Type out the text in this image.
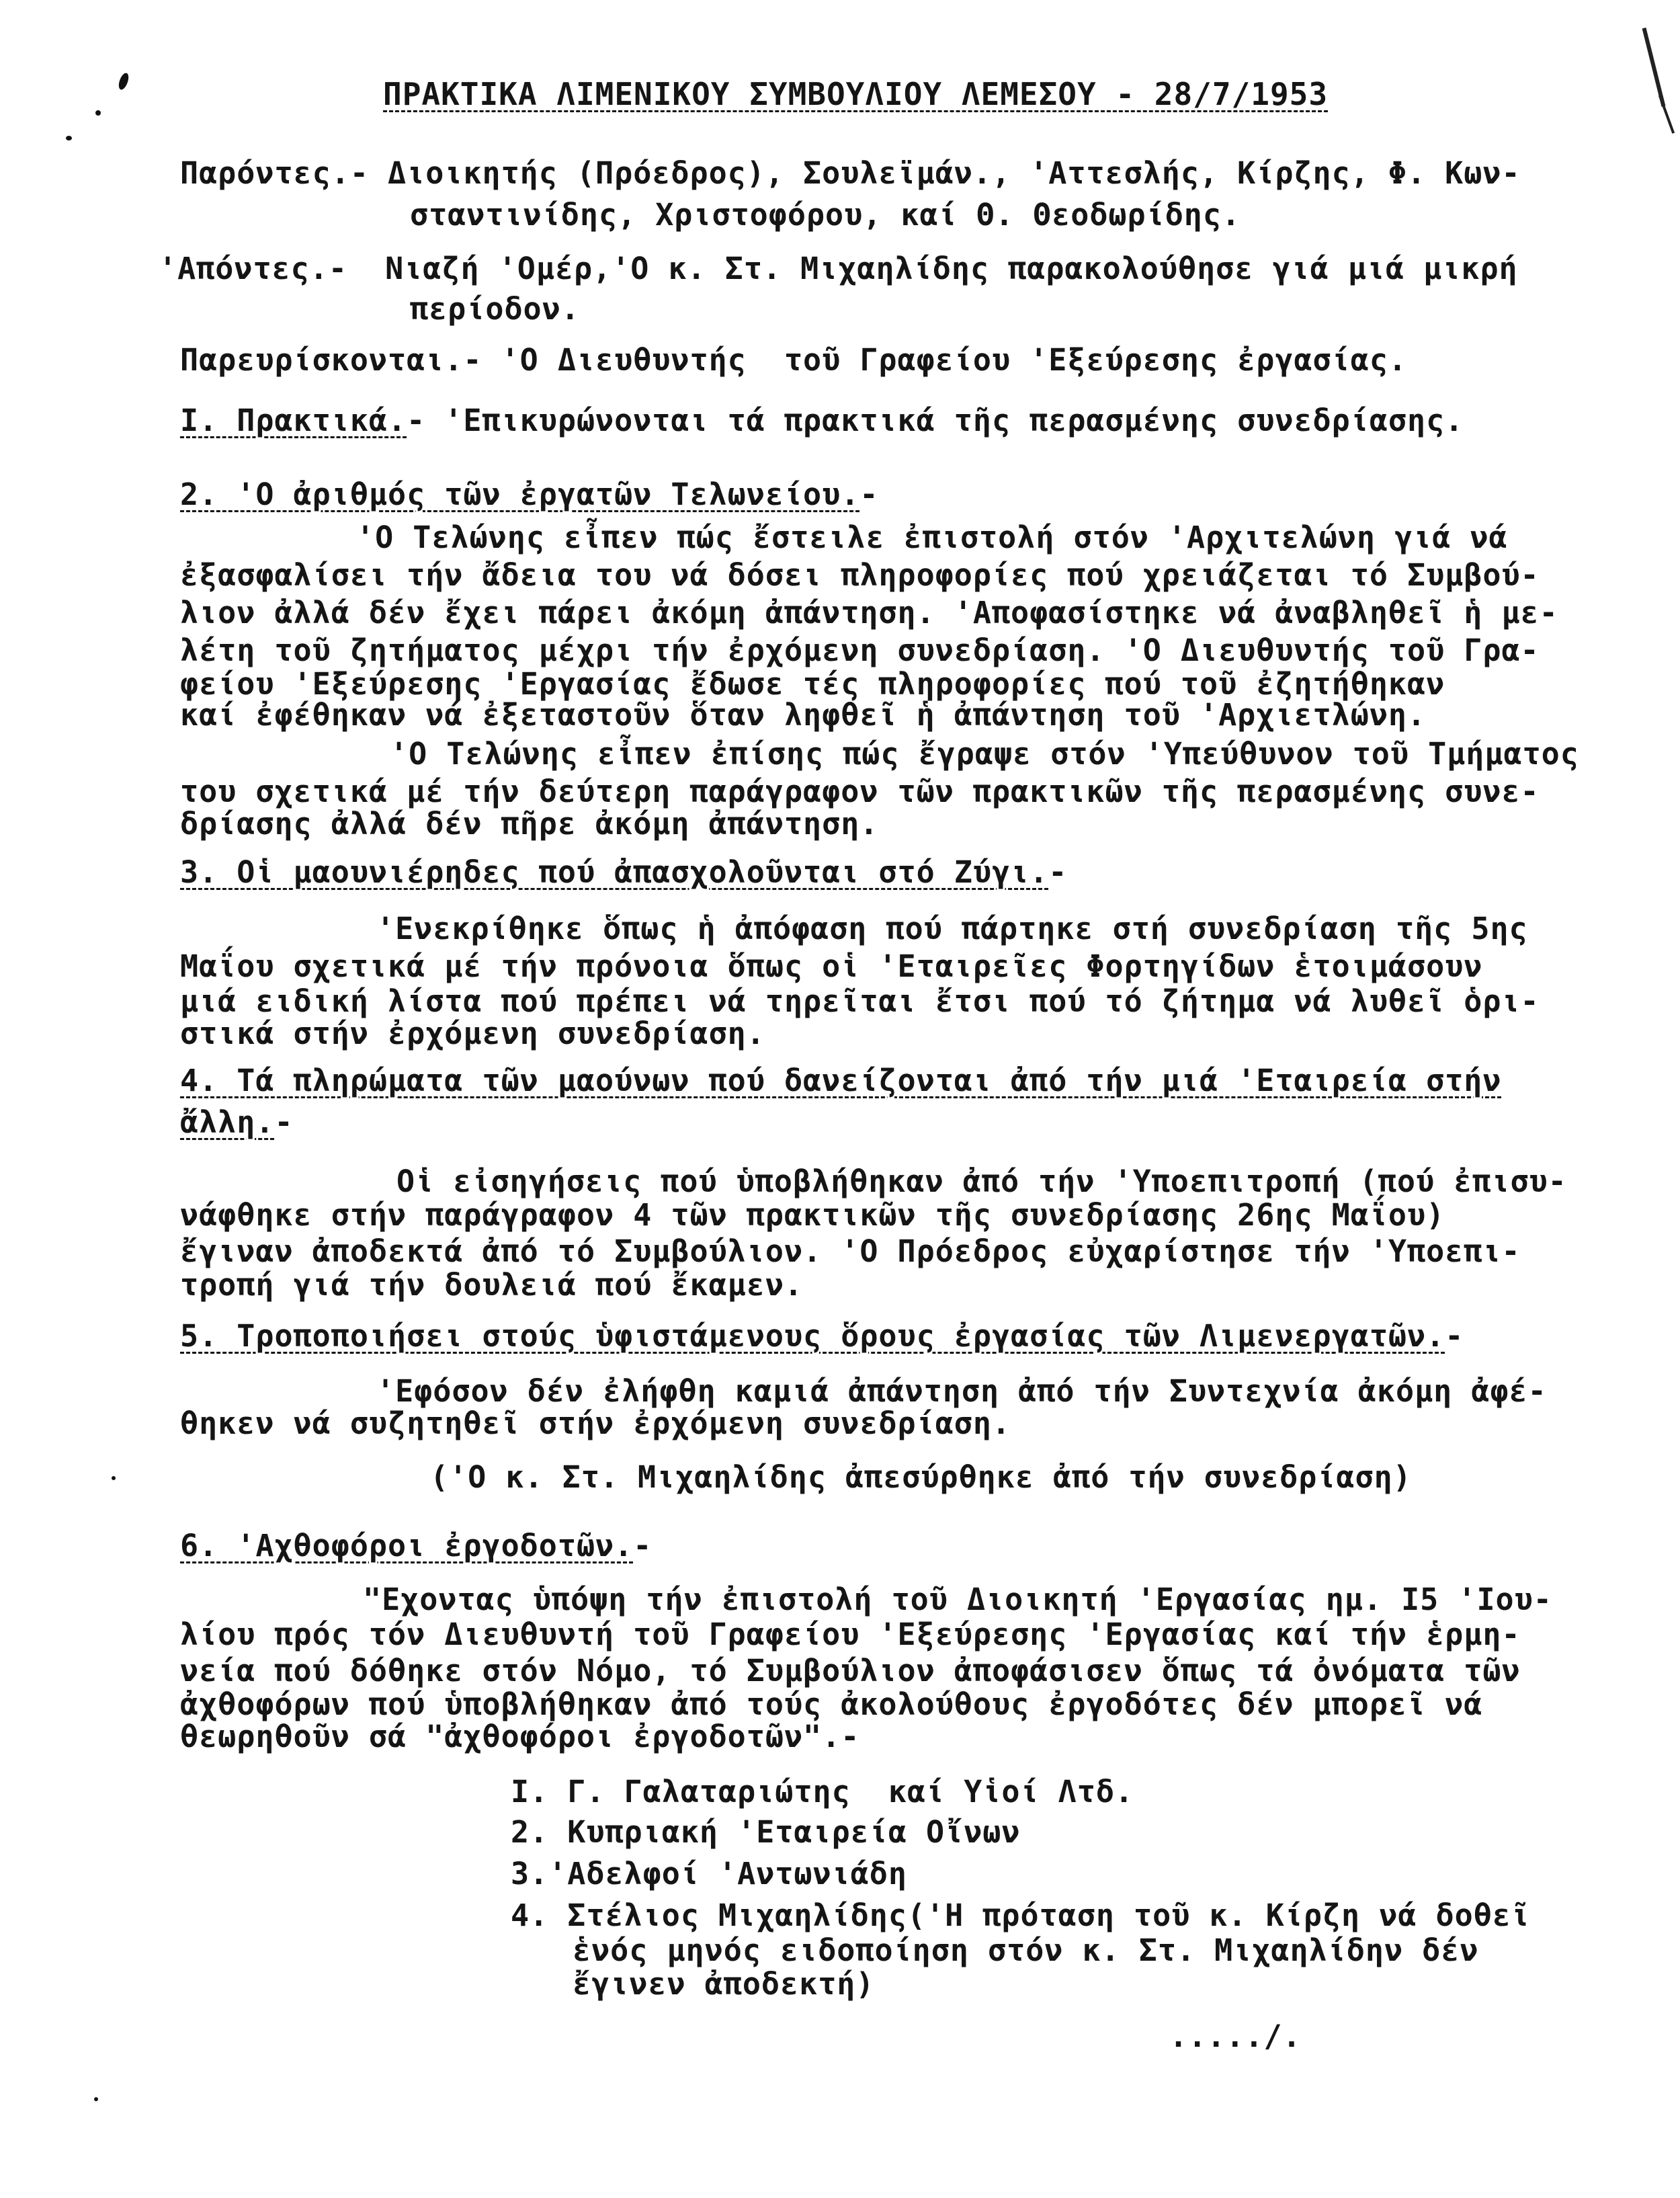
ΠΡΑΚΤΙΚΑ ΛΙΜΕΝΙΚΟΥ ΣΥΜΒΟΥΛΙΟΥ ΛΕΜΕΣΟΥ - 28/7/1953
Παρόντες.- Διοικητής (Πρόεδρος), Σουλεϊμάν., 'Αττεσλής, Κίρζης, Φ. Κων-
σταντινίδης, Χριστοφόρου, καί Θ. Θεοδωρίδης.
'Απόντες.-  Νιαζή 'Ομέρ,'Ο κ. Στ. Μιχαηλίδης παρακολούθησε γιά μιά μικρή
περίοδον.
Παρευρίσκονται.- 'Ο Διευθυντής  τοῦ Γραφείου 'Εξεύρεσης ἐργασίας.
Ι. Πρακτικά.- 'Επικυρώνονται τά πρακτικά τῆς περασμένης συνεδρίασης.
2. 'Ο ἀριθμός τῶν ἐργατῶν Τελωνείου.-
'Ο Τελώνης εἶπεν πώς ἔστειλε ἐπιστολή στόν 'Αρχιτελώνη γιά νά
ἐξασφαλίσει τήν ἄδεια του νά δόσει πληροφορίες πού χρειάζεται τό Συμβού-
λιον ἀλλά δέν ἔχει πάρει ἀκόμη ἀπάντηση. 'Αποφασίστηκε νά ἀναβληθεῖ ἡ με-
λέτη τοῦ ζητήματος μέχρι τήν ἐρχόμενη συνεδρίαση. 'Ο Διευθυντής τοῦ Γρα-
φείου 'Εξεύρεσης 'Εργασίας ἔδωσε τές πληροφορίες πού τοῦ ἐζητήθηκαν
καί ἐφέθηκαν νά ἐξεταστοῦν ὅταν ληφθεῖ ἡ ἀπάντηση τοῦ 'Αρχιετλώνη.
'Ο Τελώνης εἶπεν ἐπίσης πώς ἔγραψε στόν 'Υπεύθυνον τοῦ Τμήματος
του σχετικά μέ τήν δεύτερη παράγραφον τῶν πρακτικῶν τῆς περασμένης συνε-
δρίασης ἀλλά δέν πῆρε ἀκόμη ἀπάντηση.
3. Οἱ μαουνιέρηδες πού ἀπασχολοῦνται στό Ζύγι.-
'Ενεκρίθηκε ὅπως ἡ ἀπόφαση πού πάρτηκε στή συνεδρίαση τῆς 5ης
Μαΐου σχετικά μέ τήν πρόνοια ὅπως οἱ 'Εταιρεῖες Φορτηγίδων ἑτοιμάσουν
μιά ειδική λίστα πού πρέπει νά τηρεῖται ἔτσι πού τό ζήτημα νά λυθεῖ ὁρι-
στικά στήν ἐρχόμενη συνεδρίαση.
4. Τά πληρώματα τῶν μαούνων πού δανείζονται ἀπό τήν μιά 'Εταιρεία στήν
ἄλλη.-
Οἱ εἰσηγήσεις πού ὑποβλήθηκαν ἀπό τήν 'Υποεπιτροπή (πού ἐπισυ-
νάφθηκε στήν παράγραφον 4 τῶν πρακτικῶν τῆς συνεδρίασης 26ης Μαΐου)
ἔγιναν ἀποδεκτά ἀπό τό Συμβούλιον. 'Ο Πρόεδρος εὐχαρίστησε τήν 'Υποεπι-
τροπή γιά τήν δουλειά πού ἔκαμεν.
5. Τροποποιήσει στούς ὑφιστάμενους ὅρους ἐργασίας τῶν Λιμενεργατῶν.-
'Εφόσον δέν ἐλήφθη καμιά ἀπάντηση ἀπό τήν Συντεχνία ἀκόμη ἀφέ-
θηκεν νά συζητηθεῖ στήν ἐρχόμενη συνεδρίαση.
('Ο κ. Στ. Μιχαηλίδης ἀπεσύρθηκε ἀπό τήν συνεδρίαση)
6. 'Αχθοφόροι ἐργοδοτῶν.-
"Εχοντας ὑπόψη τήν ἐπιστολή τοῦ Διοικητή 'Εργασίας ημ. Ι5 'Ιου-
λίου πρός τόν Διευθυντή τοῦ Γραφείου 'Εξεύρεσης 'Εργασίας καί τήν ἑρμη-
νεία πού δόθηκε στόν Νόμο, τό Συμβούλιον ἀποφάσισεν ὅπως τά ὀνόματα τῶν
ἀχθοφόρων πού ὑποβλήθηκαν ἀπό τούς ἀκολούθους ἐργοδότες δέν μπορεῖ νά
θεωρηθοῦν σά "ἀχθοφόροι ἐργοδοτῶν".-
Ι. Γ. Γαλαταριώτης  καί Υἱοί Λτδ.
2. Κυπριακή 'Εταιρεία Οἴνων
3.'Αδελφοί 'Αντωνιάδη
4. Στέλιος Μιχαηλίδης('Η πρόταση τοῦ κ. Κίρζη νά δοθεῖ
ἑνός μηνός ειδοποίηση στόν κ. Στ. Μιχαηλίδην δέν
ἔγινεν ἀποδεκτή)
...../.
